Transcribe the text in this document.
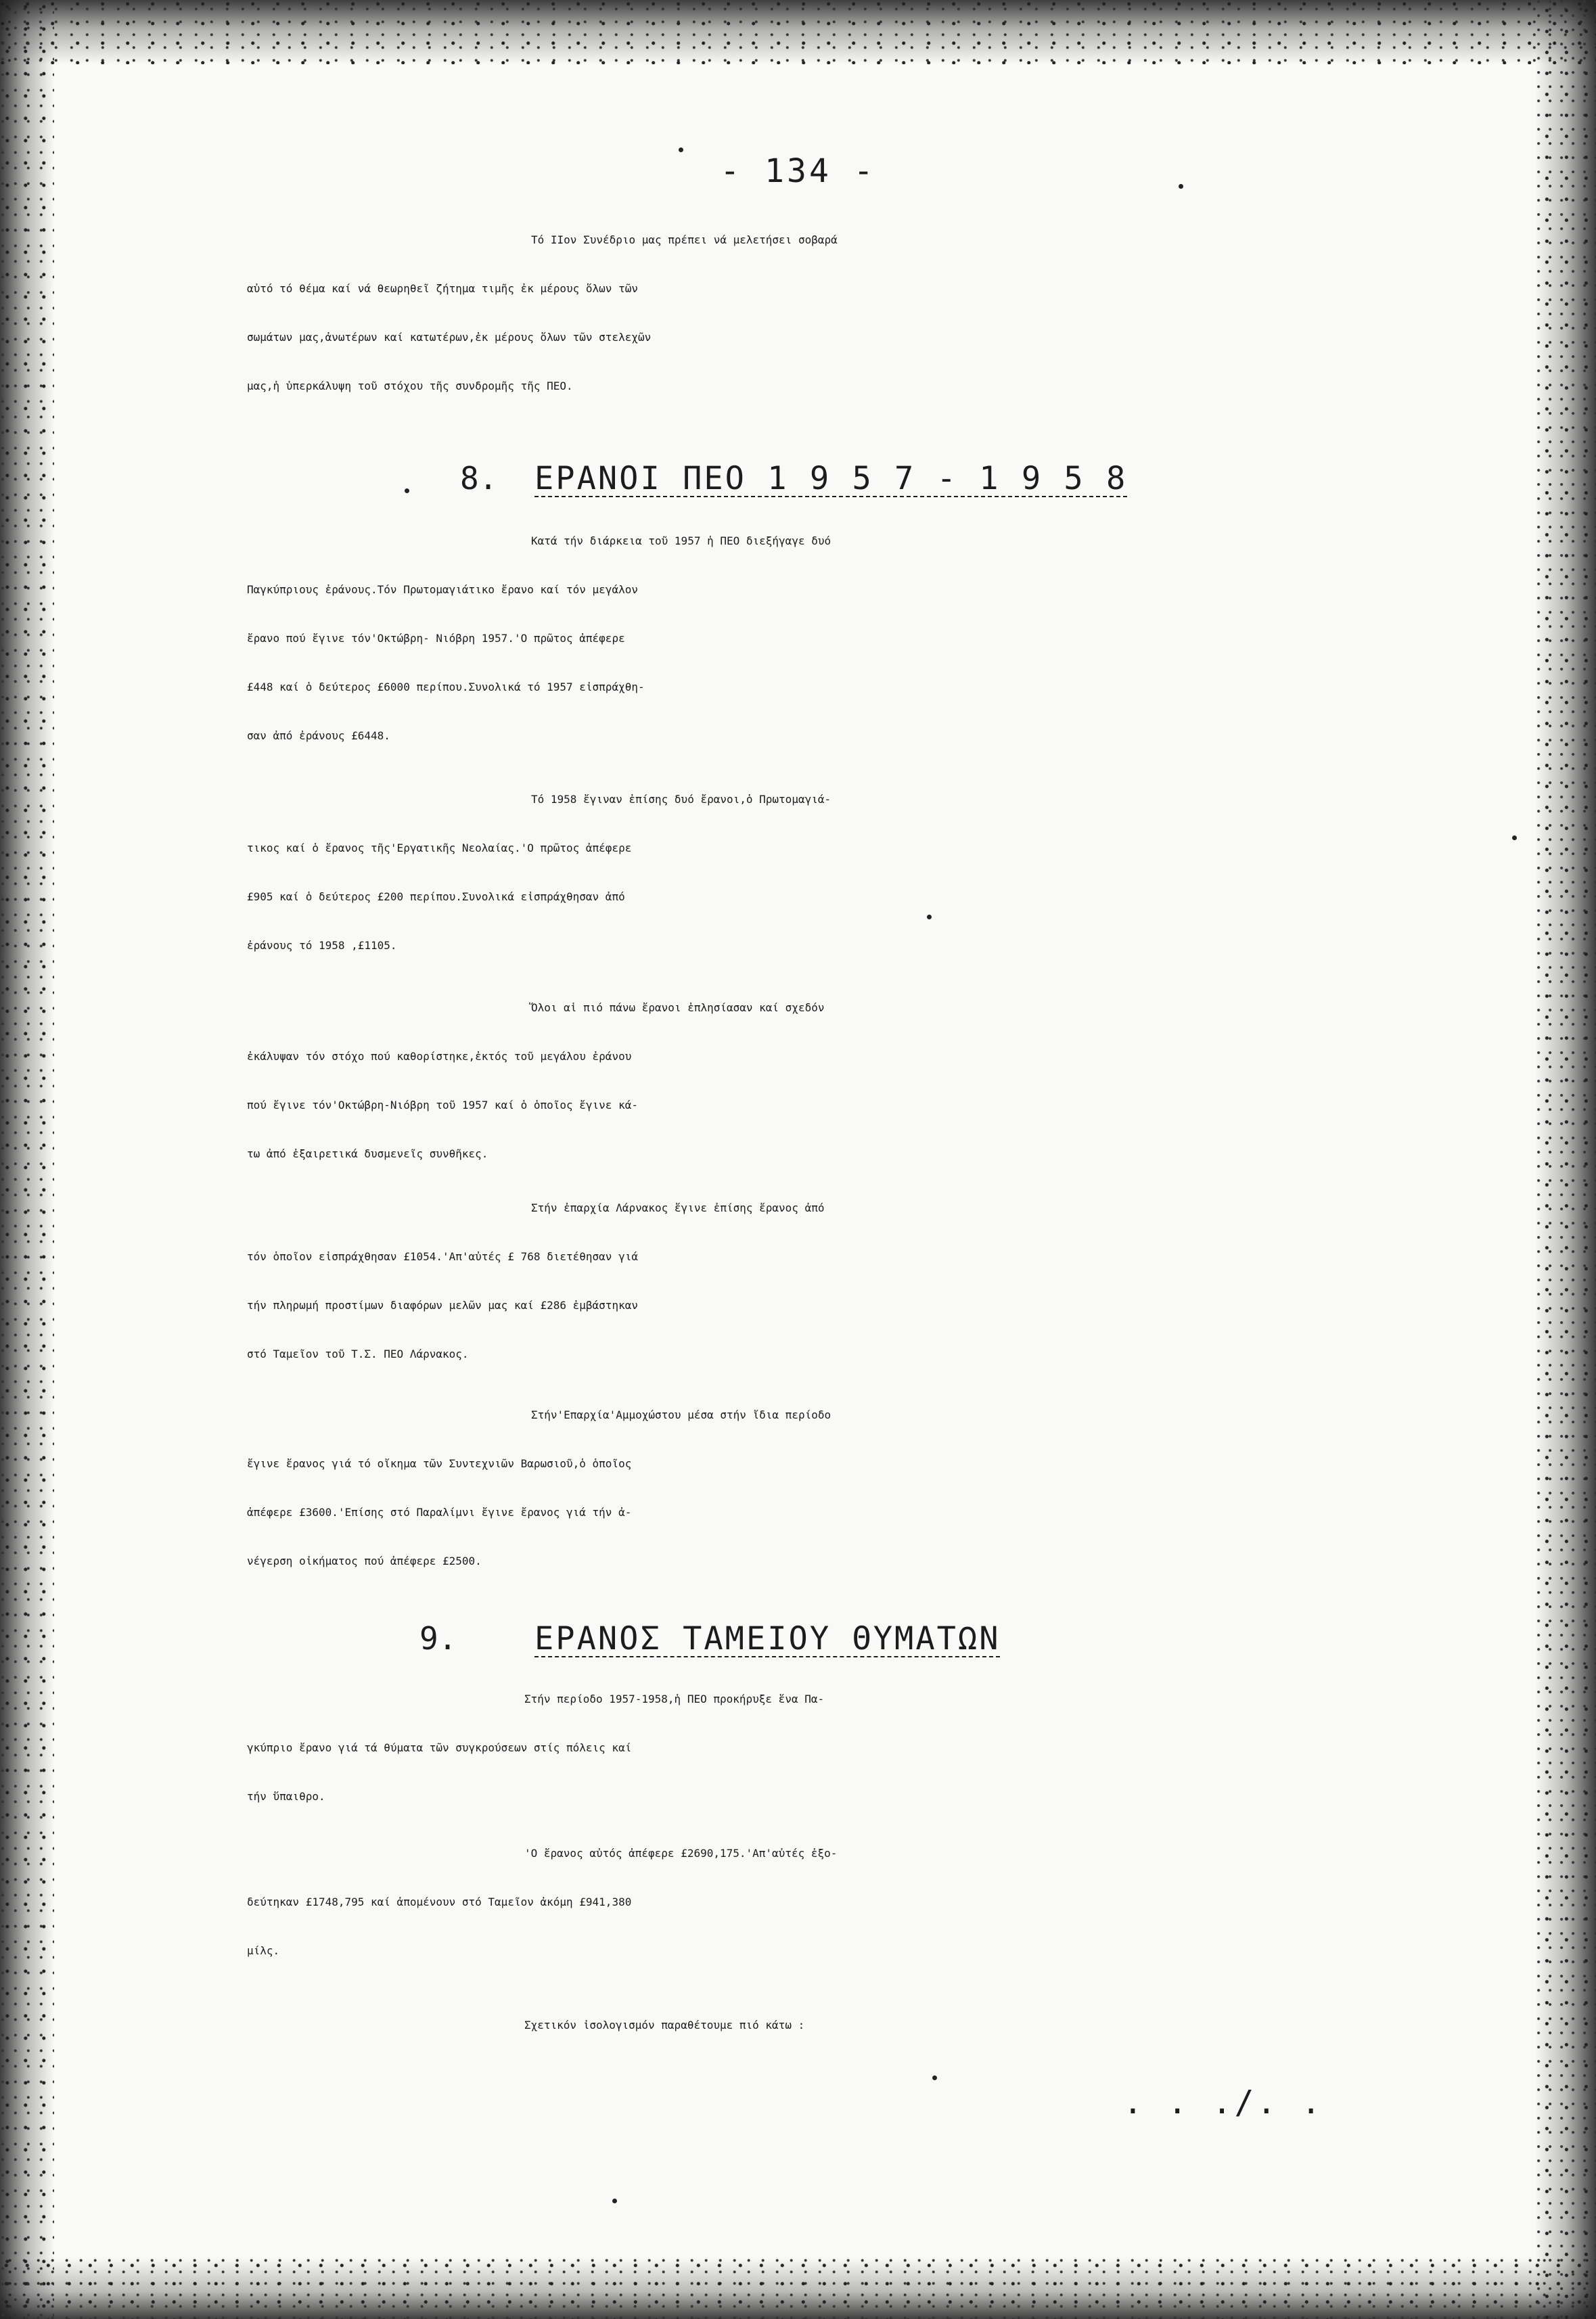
- 134 -
Τό IIον Συνέδριο μας πρέπει νά μελετήσει σοβαρά
αὐτό τό θέμα καί νά θεωρηθεῖ ζήτημα τιμῆς ἐκ μέρους ὅλων τῶν
σωμάτων μας,ἀνωτέρων καί κατωτέρων,ἐκ μέρους ὅλων τῶν στελεχῶν
μας,ἡ ὑπερκάλυψη τοῦ στόχου τῆς συνδρομῆς τῆς ΠΕΟ.
8. ΕΡΑΝΟΙ ΠΕΟ 1 9 5 7 - 1 9 5 8
Κατά τήν διάρκεια τοῦ 1957 ἡ ΠΕΟ διεξήγαγε δυό
Παγκύπριους ἐράνους.Τόν Πρωτομαγιάτικο ἔρανο καί τόν μεγάλον
ἔρανο πού ἔγινε τόν'Οκτώβρη- Νιόβρη 1957.'Ο πρῶτος ἀπέφερε
£448 καί ὁ δεύτερος £6000 περίπου.Συνολικά τό 1957 εἰσπράχθη-
σαν ἀπό ἐράνους £6448.
Τό 1958 ἔγιναν ἐπίσης δυό ἔρανοι,ὁ Πρωτομαγιά-
τικος καί ὁ ἔρανος τῆς'Εργατικῆς Νεολαίας.'Ο πρῶτος ἀπέφερε
£905 καί ὁ δεύτερος £200 περίπου.Συνολικά εἰσπράχθησαν ἀπό
ἐράνους τό 1958 ,£1105.
Ὅλοι αἱ πιό πάνω ἔρανοι ἐπλησίασαν καί σχεδόν
ἐκάλυψαν τόν στόχο πού καθορίστηκε,ἐκτός τοῦ μεγάλου ἐράνου
πού ἔγινε τόν'Οκτώβρη-Νιόβρη τοῦ 1957 καί ὁ ὁποῖος ἔγινε κά-
τω ἀπό ἐξαιρετικά δυσμενεῖς συνθῆκες.
Στήν ἐπαρχία Λάρνακος ἔγινε ἐπίσης ἔρανος ἀπό
τόν ὁποῖον εἰσπράχθησαν £1054.'Απ'αὐτές £ 768 διετέθησαν γιά
τήν πληρωμή προστίμων διαφόρων μελῶν μας καί £286 ἐμβάστηκαν
στό Ταμεῖον τοῦ Τ.Σ. ΠΕΟ Λάρνακος.
Στήν'Επαρχία'Αμμοχώστου μέσα στήν ἴδια περίοδο
ἔγινε ἔρανος γιά τό οἴκημα τῶν Συντεχνιῶν Βαρωσιοῦ,ὁ ὁποῖος
ἀπέφερε £3600.'Επίσης στό Παραλίμνι ἔγινε ἔρανος γιά τήν ἀ-
νέγερση οἰκήματος πού ἀπέφερε £2500.
9. ΕΡΑΝΟΣ ΤΑΜΕΙΟΥ ΘΥΜΑΤΩΝ
Στήν περίοδο 1957-1958,ἡ ΠΕΟ προκήρυξε ἕνα Πα-
γκύπριο ἔρανο γιά τά θύματα τῶν συγκρούσεων στίς πόλεις καί
τήν ὕπαιθρο.
'Ο ἔρανος αὐτός ἀπέφερε £2690,175.'Απ'αὐτές ἐξο-
δεύτηκαν £1748,795 καί ἀπομένουν στό Ταμεῖον ἀκόμη £941,380
μίλς.
Σχετικόν ἰσολογισμόν παραθέτουμε πιό κάτω :
. . ./. .
